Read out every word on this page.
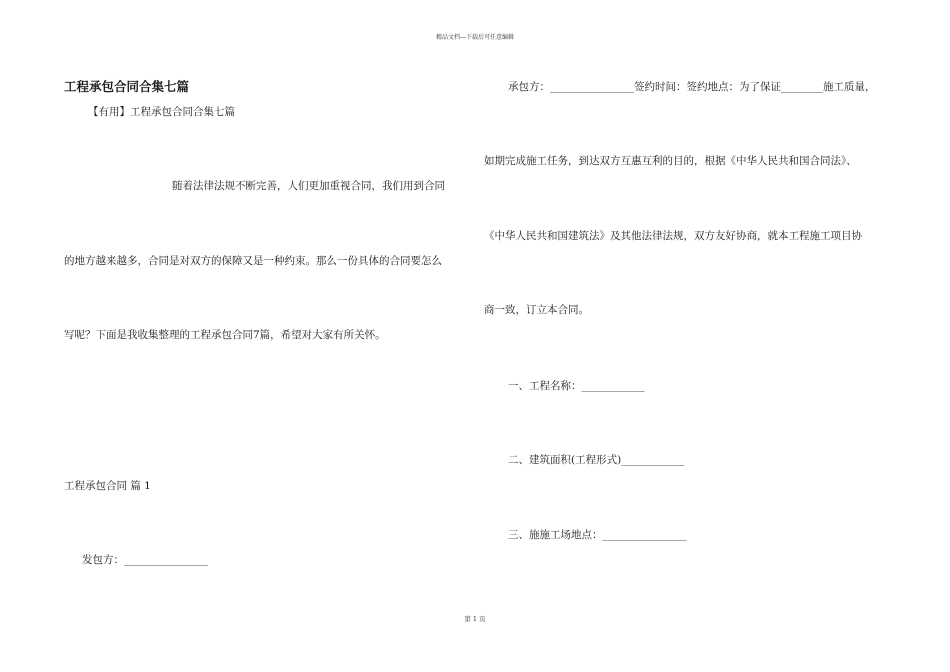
精品文档---下载后可任意编辑
工程承包合同合集七篇
【有用】工程承包合同合集七篇
随着法律法规不断完善，人们更加重视合同，我们用到合同
的地方越来越多，合同是对双方的保障又是一种约束。那么一份具体的合同要怎么
写呢？下面是我收集整理的工程承包合同7篇，希望对大家有所关怀。
工程承包合同 篇 1
发包方：________________
承包方：________________签约时间：签约地点：为了保证________施工质量，
如期完成施工任务，到达双方互惠互利的目的，根据《中华人民共和国合同法》、
《中华人民共和国建筑法》及其他法律法规，双方友好协商，就本工程施工项目协
商一致，订立本合同。
一、工程名称：____________
二、建筑面积(工程形式)____________
三、施施工场地点：________________
第 1 页
